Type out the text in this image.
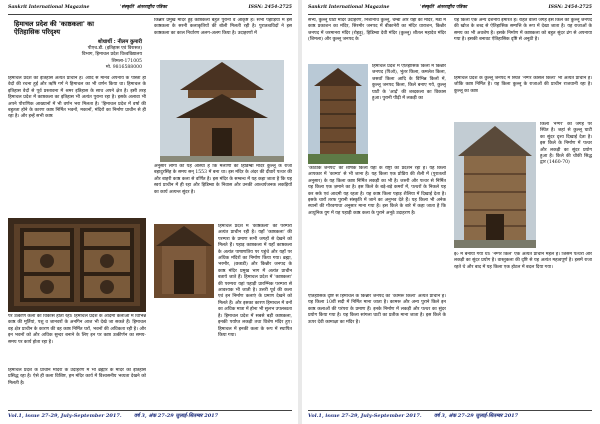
Sankrit International Magazine	'संस्कृति' अंतरराष्ट्रीय पत्रिका	ISSN: 2454-2725
हिमाचल प्रदेश की 'काष्ठकला' का
ऐतिहासिक परिदृश्य
शोधार्थी : नीलम कुमारी
पीएच.डी. (इतिहास एवं विरासत)
विभाग, हिमाचल प्रदेश विश्वविद्यालय
शिमला-171005
मो. 9816588000

हिमाचल प्रदेश का इतिहास अत्यंत प्राचीन है। आदि से मानव अपनाय के पास्ता हो वेदों की रचना हुई और ऋषि गर्ग ने हिमाचल का भी वर्णन किया था। हिमाचल के इतिहास वेदों से पूर्व प्रस्तावना में श्रमर इतिहास के साथ अपने क्षेत्र है। इसी तरह हिमाचल प्रदेश में काष्ठकला का इतिहास भी अत्यंत पुराना रहा है। इसके अलावा भी अपने पौराणिक आख्यानों में भी वर्णन भरा मिलता है। 'हिमाचल प्रदेश में वर्षा की बहुतता होने के कारण काष्ठ निर्मित भवनों, मकानों, मंदिरों का निर्माण प्राचीन से ही रहा है। और इन्हें सभी काष्ठ

पर उत्कीर्ण कला का विकास होता रहा। हिमाचल प्रदेश के आदमी कलाओं में विभिन्न काष्ठ की मूर्तियां, पशु व जानवरों के अनगिन आज भी देखे जा सकते हैं। हिमाचल वह क्षेत्र प्राचीन के कारण की वह काष्ठ निर्मित घरों, भवनों की अधिकता रही है। और इन भवनों को और अधिक सुन्दर बनाने के लिए इन पर काष्ठ उत्कीर्णन का समय-समय पर कार्य होता रहा है।

हिमाचल प्रदेश के प्राचीन मंदिरों के उदाहरण में भी ब्रह्मौर के मंदिर का इतिहास प्रसिद्ध रहा है। ऐसे ही कला विशिष्ट, हम मंदिर कार्य में विश्वसनीय भव्यता देखने को मिलती है।

किन्नौर प्रमुख मंदिर हूई काष्ठकला बहुत पुरानी व आकृष्ट है। सभा पहाड़ियों में इस काष्ठकला के सरनी कलाकृतियों की बोली मिलती रही है। पुरातत्वविदों ने इस काष्ठकला का काल निर्धारण अलग-अलग किया है। उदाहरणों में

अनुसार लोगों की यह आस्था है कि मलाणी का हिडिम्बा मंदिर कुल्लू के राजा बहादुरसिंह के समय सन् 1553 में बना था। इस मंदिर के अंदर की दीवारें पत्थर की और बाहरी काष्ठ कला से वर्णित है। इस मंदिर के सम्बन्ध में यह कहा जाता है कि यह स्वयं प्राचीन में ही रहा और हिडिम्बा के निवास और उनकी आश्चर्यजनक लकड़ियों का कार्य अत्यन्त सुंदर है।

हिमाचल प्रदेश में 'काष्ठकला' की परम्परा अत्यंत प्राचीन रही है। यहाँ 'काष्ठकला' की परम्परा के प्रमाण सभी जगहों से देखने को मिलते हैं। पहाड़ काष्ठकला में यहाँ काष्ठकला के अत्यंत पाषाणतिय पर पहुंचे और यहाँ पर अधिक मंदिरों का निर्माण किया गया। ब्रह्मा, भरमौर, (छत्राडी) और किन्नौर जनपद के काष्ठ मंदिर प्रमुख भाग में अत्यंत प्राचीन बताये जाते हैं। हिमाचल प्रदेश में 'काष्ठकला' की परम्परा यहां पहाड़ी प्रारम्भिक परम्परा से आवश्यक भी जाती है। उत्तरी पूर्व की कला एवं इन निर्माण कलाएं के प्रमाण देखने को मिलते हैं। और इसका कारण हिमाचल में वनों का अधिक मात्रा में होना भी सुलभ उपलब्धता है। हिमाचल प्रदेश में सबसे बड़ी काष्ठकला, इनकी पर्याप्त लकड़ी तथा विशेष मंदिर हुए। हिमाचल में इनकी कला के रूप में स्थापित किया गया।

Vol.1, issue 27-29, July-September 2017. वर्ष 3, अंक 27-29 जुलाई-सितम्बर 2017
Sankrit International Magazine	'संस्कृति' अंतरराष्ट्रीय पत्रिका	ISSN: 2454-2725

सभ्य, कुल्लू घाटी मंदिर उदाहरण, निशानाथ कुल्लू, चम्बा और यहां का मंदिर, मंडी में काष्ठ प्रकाशन का मंदिर, सिरमौर जनपद में बीकानेरी का मंदिर धाराशन, किन्नौर जनपद में जरमानरा मंदिर (रोहड़ू), हिडिम्बा देवी मंदिर (कुल्लू) शीतल महादेव मंदिर (शिमला) और कुल्लू जनपद के

हिमाचल प्रदेश में ऐतिहासिक किलों में किन्नौर जनपद (पिओ), भुंतर किला, कमलेश किला, जसवाँ किला आदि के विभिन्न किलों में, कुल्लू जनपद किला, किले बनाए गये, कुल्लू घाटी के 'आर्द्र' की शब्दकला का विकास हुआ। पुरानी पीढ़ी में लकड़ी का

'काठकि जनपद' का शीर्षक किला यहाँ के राष्ट्रों का प्रदर्शन रहा है। यह किला आपकार में 'काम्या' से भी जाना है। यह किला एक प्रोडिय की शैली में (पुरातत्वों अनुसार) के यह किला काष्ठ निर्मित लकड़ी का भी है। जरुरी और पत्थर से निर्मित यह किला एक ज़माने का है। इस किले के बड़े-बड़े कमरों में, पत्थरों के निकले यह कर सके एवं आदमी यह रहता है। यह काष्ठ किला पहाड़ शैलिया में दिखाई देता है। इसके चारों तरफ पुरानी संस्कृति में जाने का अनुभव देते हैं। यह किला भी अनेक स्थानों की गौरवगाथा अनुसार माना गया है। इस किले के बारे में कहा जाता है कि आधुनिक युग में यह पहाड़ी काष्ठ कला के पुराने अनूठे उदाहरण है।

ऐतिहासिक दृष्टि से हिमाचल के किन्नौर जनपद का 'कामरू किला' अत्यंत प्राचीन है। यह किला 10वीं सदी में निर्मित माना जाता है। कामरू और अन्य पुराने किले इन काष्ठ कलाओं की परंपरा के प्रमाण हैं। इनके निर्माण में लकड़ी और पत्थर का सुंदर प्रयोग किया गया है। यह किला सांगला घाटी का प्रतीक माना जाता है। इस किले के ऊपर देवी कामाक्षा का मंदिर है।

यह किला एक अन्य दर्शनीय इमारत है। राहत वाली जगह इसे किले को कुल्लू जनपद की खोज के शब्द से ऐतिहासिक सम्पत्ति के रूप में देखा जाता है। यह राजाओं के समय का भी अवशेष है। इसके निर्माण में काष्ठकला को बहुत सुंदर ढंग से अपनाया गया है। इसकी बनावट ऐतिहासिक दृष्टि से अनूठी है।

हिमाचल प्रदेश के कुल्लू जनपद में स्थित 'नग्गर कासल किला' भी अत्यंत प्राचीन है। जोकि काष्ठ निर्मित है। यह किला कुल्लू के राजाओं की प्राचीन राजधानी रहा है। कुल्लू का काष्ठ

किला 'नग्गर' की जगह पर स्थित है। जहां से कुल्लू घाटी का सुंदर दृश्य दिखाई देता है। इस किले के निर्माण में पत्थर और लकड़ी का सुंदर प्रयोग हुआ है। किले की चौकी सिद्ध द्वार (1460-70)

ई० में बनाया गया था। 'नग्गर किले' एक अत्यंत प्राचीन महल है। जिसमें पत्थरों और लकड़ी का सुंदर प्रयोग है। वास्तुकला की दृष्टि से यह अत्यंत महत्वपूर्ण है। इसमें राजा रहते थे और बाद में यह किला एक होटल में बदल दिया गया।

Vol.1, issue 27-29, July-September 2017. वर्ष 3, अंक 27-29 जुलाई-सितम्बर 2017
